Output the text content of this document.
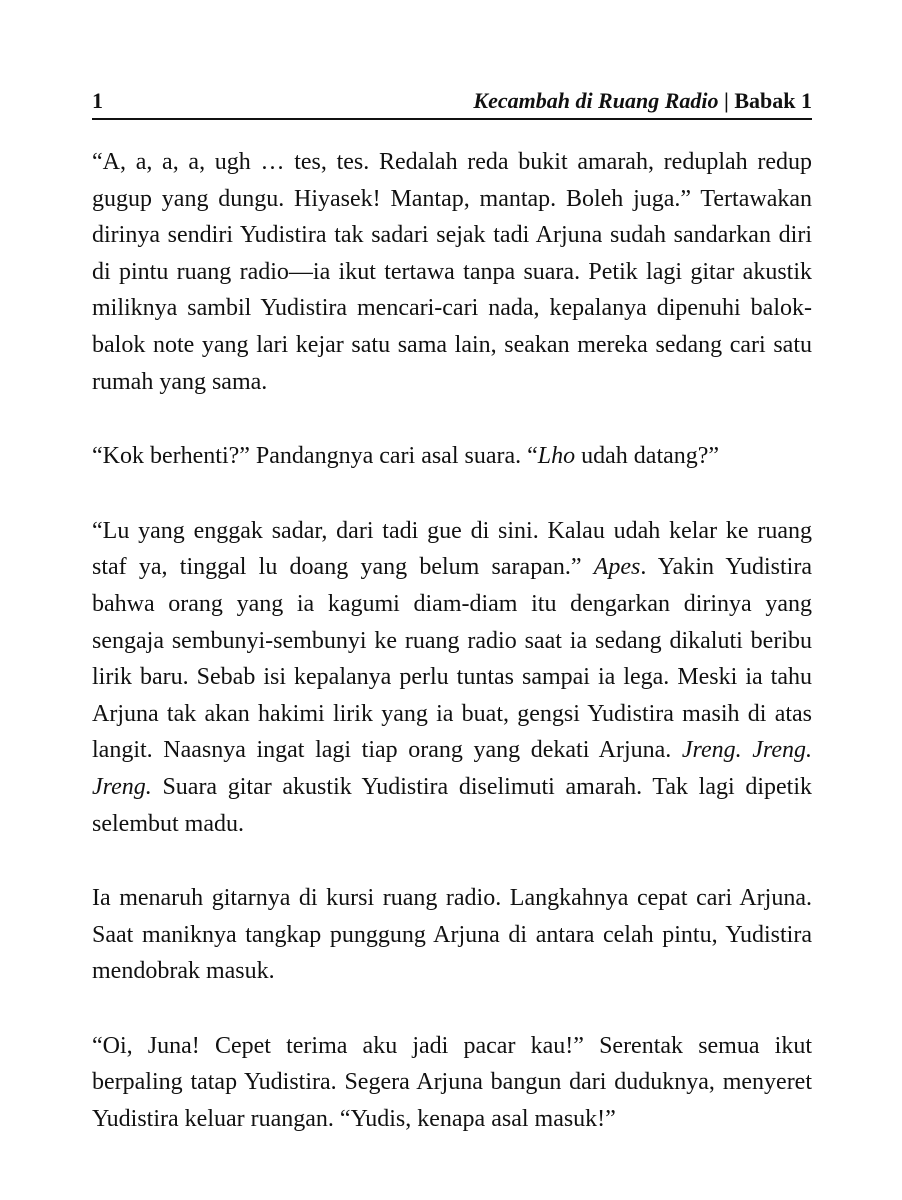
1	Kecambah di Ruang Radio | Babak 1

“A, a, a, a, ugh … tes, tes. Redalah reda bukit amarah, reduplah redup gugup yang dungu. Hiyasek! Mantap, mantap. Boleh juga.” Tertawakan dirinya sendiri Yudistira tak sadari sejak tadi Arjuna sudah sandarkan diri di pintu ruang radio—ia ikut tertawa tanpa suara. Petik lagi gitar akustik miliknya sambil Yudistira mencari-cari nada, kepalanya dipenuhi balok-balok note yang lari kejar satu sama lain, seakan mereka sedang cari satu rumah yang sama.

“Kok berhenti?” Pandangnya cari asal suara. “Lho udah datang?”

“Lu yang enggak sadar, dari tadi gue di sini. Kalau udah kelar ke ruang staf ya, tinggal lu doang yang belum sarapan.” Apes. Yakin Yudistira bahwa orang yang ia kagumi diam-diam itu dengarkan dirinya yang sengaja sembunyi-sembunyi ke ruang radio saat ia sedang dikaluti beribu lirik baru. Sebab isi kepalanya perlu tuntas sampai ia lega. Meski ia tahu Arjuna tak akan hakimi lirik yang ia buat, gengsi Yudistira masih di atas langit. Naasnya ingat lagi tiap orang yang dekati Arjuna. Jreng. Jreng. Jreng. Suara gitar akustik Yudistira diselimuti amarah. Tak lagi dipetik selembut madu.

Ia menaruh gitarnya di kursi ruang radio. Langkahnya cepat cari Arjuna. Saat maniknya tangkap punggung Arjuna di antara celah pintu, Yudistira mendobrak masuk.

“Oi, Juna! Cepet terima aku jadi pacar kau!” Serentak semua ikut berpaling tatap Yudistira. Segera Arjuna bangun dari duduknya, menyeret Yudistira keluar ruangan. “Yudis, kenapa asal masuk!”
